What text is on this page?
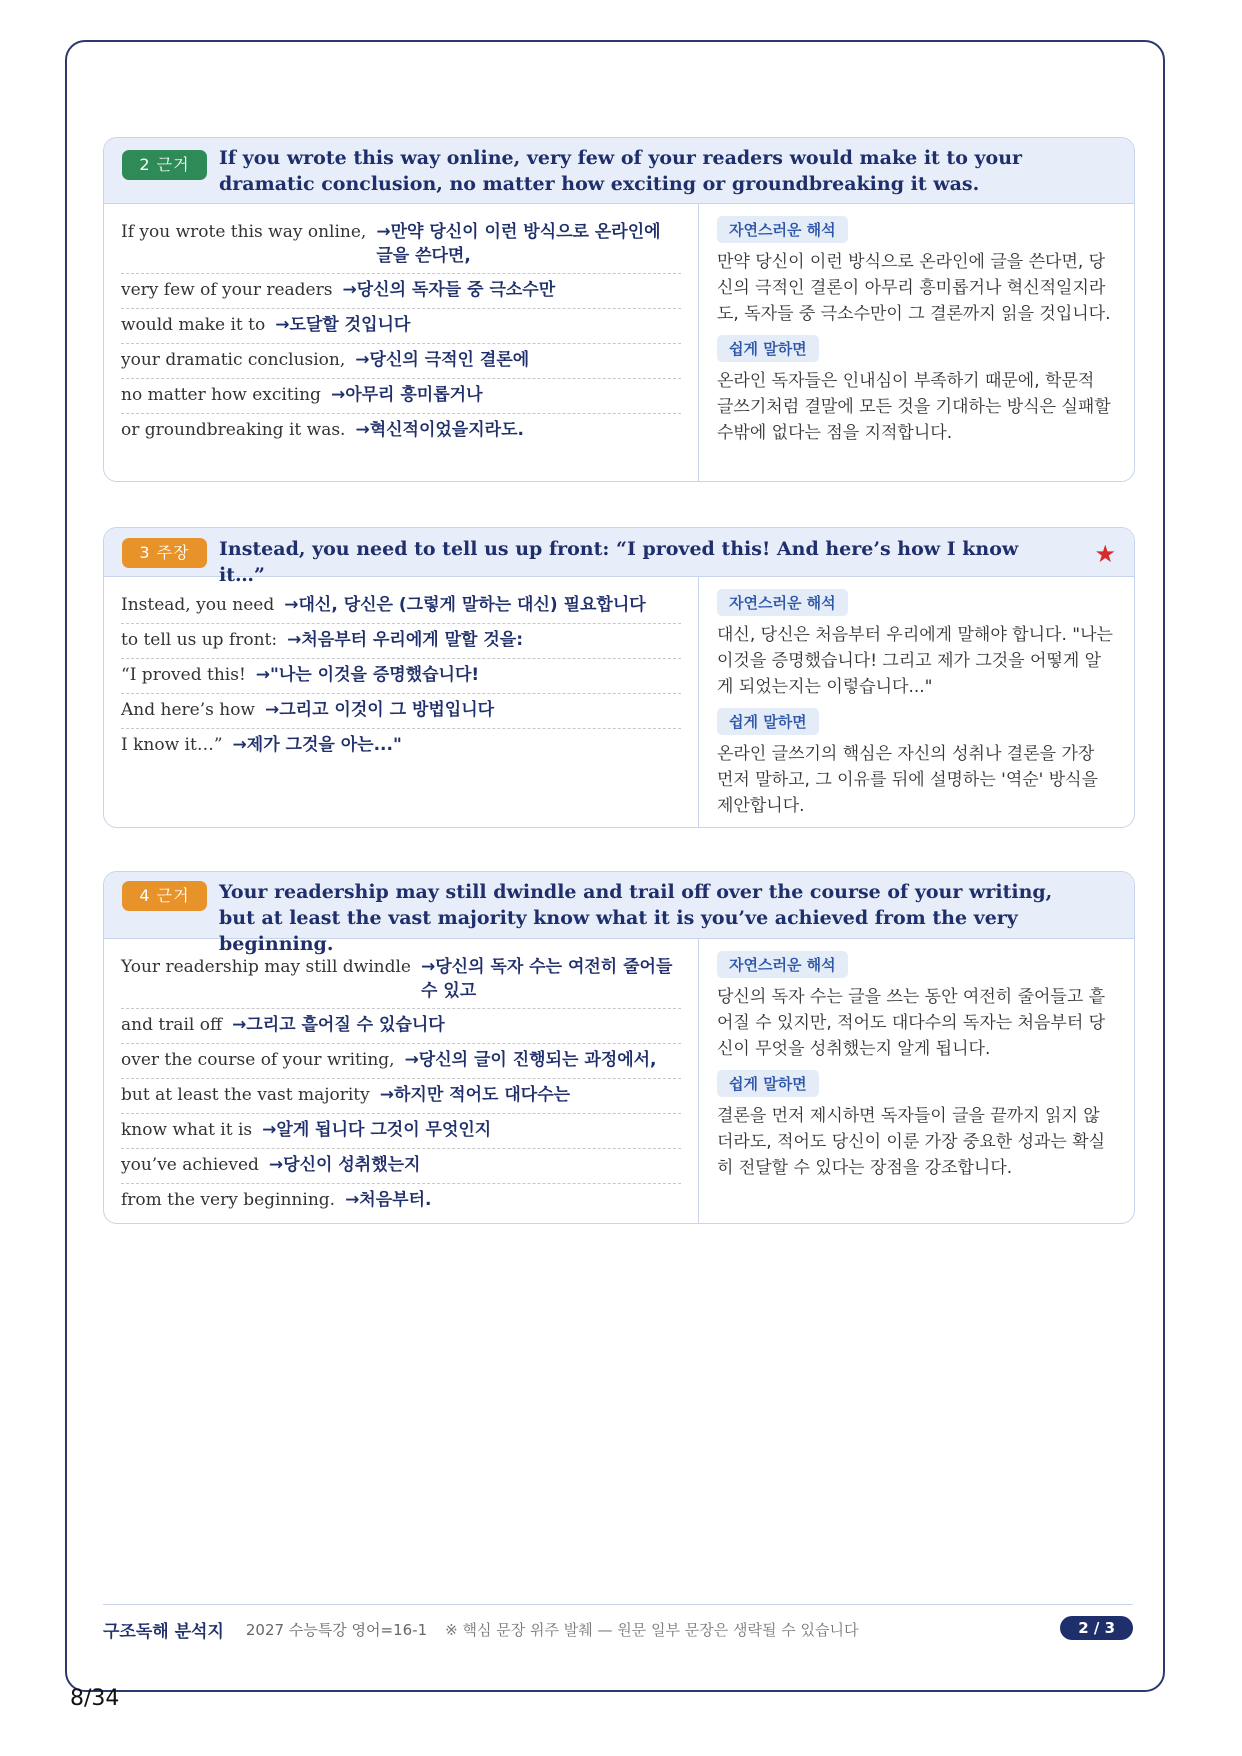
2 근거	If you wrote this way online, very few of your readers would make it to your dramatic conclusion, no matter how exciting or groundbreaking it was.
If you wrote this way online, →만약 당신이 이런 방식으로 온라인에 글을 쓴다면,
very few of your readers →당신의 독자들 중 극소수만
would make it to →도달할 것입니다
your dramatic conclusion, →당신의 극적인 결론에
no matter how exciting →아무리 흥미롭거나
or groundbreaking it was. →혁신적이었을지라도.
자연스러운 해석

만약 당신이 이런 방식으로 온라인에 글을 쓴다면, 당신의 극적인 결론이 아무리 흥미롭거나 혁신적일지라도, 독자들 중 극소수만이 그 결론까지 읽을 것입니다.

쉽게 말하면

온라인 독자들은 인내심이 부족하기 때문에, 학문적 글쓰기처럼 결말에 모든 것을 기대하는 방식은 실패할 수밖에 없다는 점을 지적합니다.

3 주장	Instead, you need to tell us up front: “I proved this! And here’s how I know it…”
★
Instead, you need →대신, 당신은 (그렇게 말하는 대신) 필요합니다
to tell us up front: →처음부터 우리에게 말할 것을:
“I proved this! →"나는 이것을 증명했습니다!
And here’s how →그리고 이것이 그 방법입니다
I know it…” →제가 그것을 아는..."
자연스러운 해석

대신, 당신은 처음부터 우리에게 말해야 합니다. "나는 이것을 증명했습니다! 그리고 제가 그것을 어떻게 알게 되었는지는 이렇습니다..."

쉽게 말하면

온라인 글쓰기의 핵심은 자신의 성취나 결론을 가장 먼저 말하고, 그 이유를 뒤에 설명하는 '역순' 방식을 제안합니다.

4 근거	Your readership may still dwindle and trail off over the course of your writing, but at least the vast majority know what it is you’ve achieved from the very beginning.
Your readership may still dwindle →당신의 독자 수는 여전히 줄어들 수 있고
and trail off →그리고 흩어질 수 있습니다
over the course of your writing, →당신의 글이 진행되는 과정에서,
but at least the vast majority →하지만 적어도 대다수는
know what it is →알게 됩니다 그것이 무엇인지
you’ve achieved →당신이 성취했는지
from the very beginning. →처음부터.
자연스러운 해석

당신의 독자 수는 글을 쓰는 동안 여전히 줄어들고 흩어질 수 있지만, 적어도 대다수의 독자는 처음부터 당신이 무엇을 성취했는지 알게 됩니다.

쉽게 말하면

결론을 먼저 제시하면 독자들이 글을 끝까지 읽지 않더라도, 적어도 당신이 이룬 가장 중요한 성과는 확실히 전달할 수 있다는 장점을 강조합니다.

구조독해 분석지 2027 수능특강 영어=16-1 ※ 핵심 문장 위주 발췌 — 원문 일부 문장은 생략될 수 있습니다	2 / 3
8/34
